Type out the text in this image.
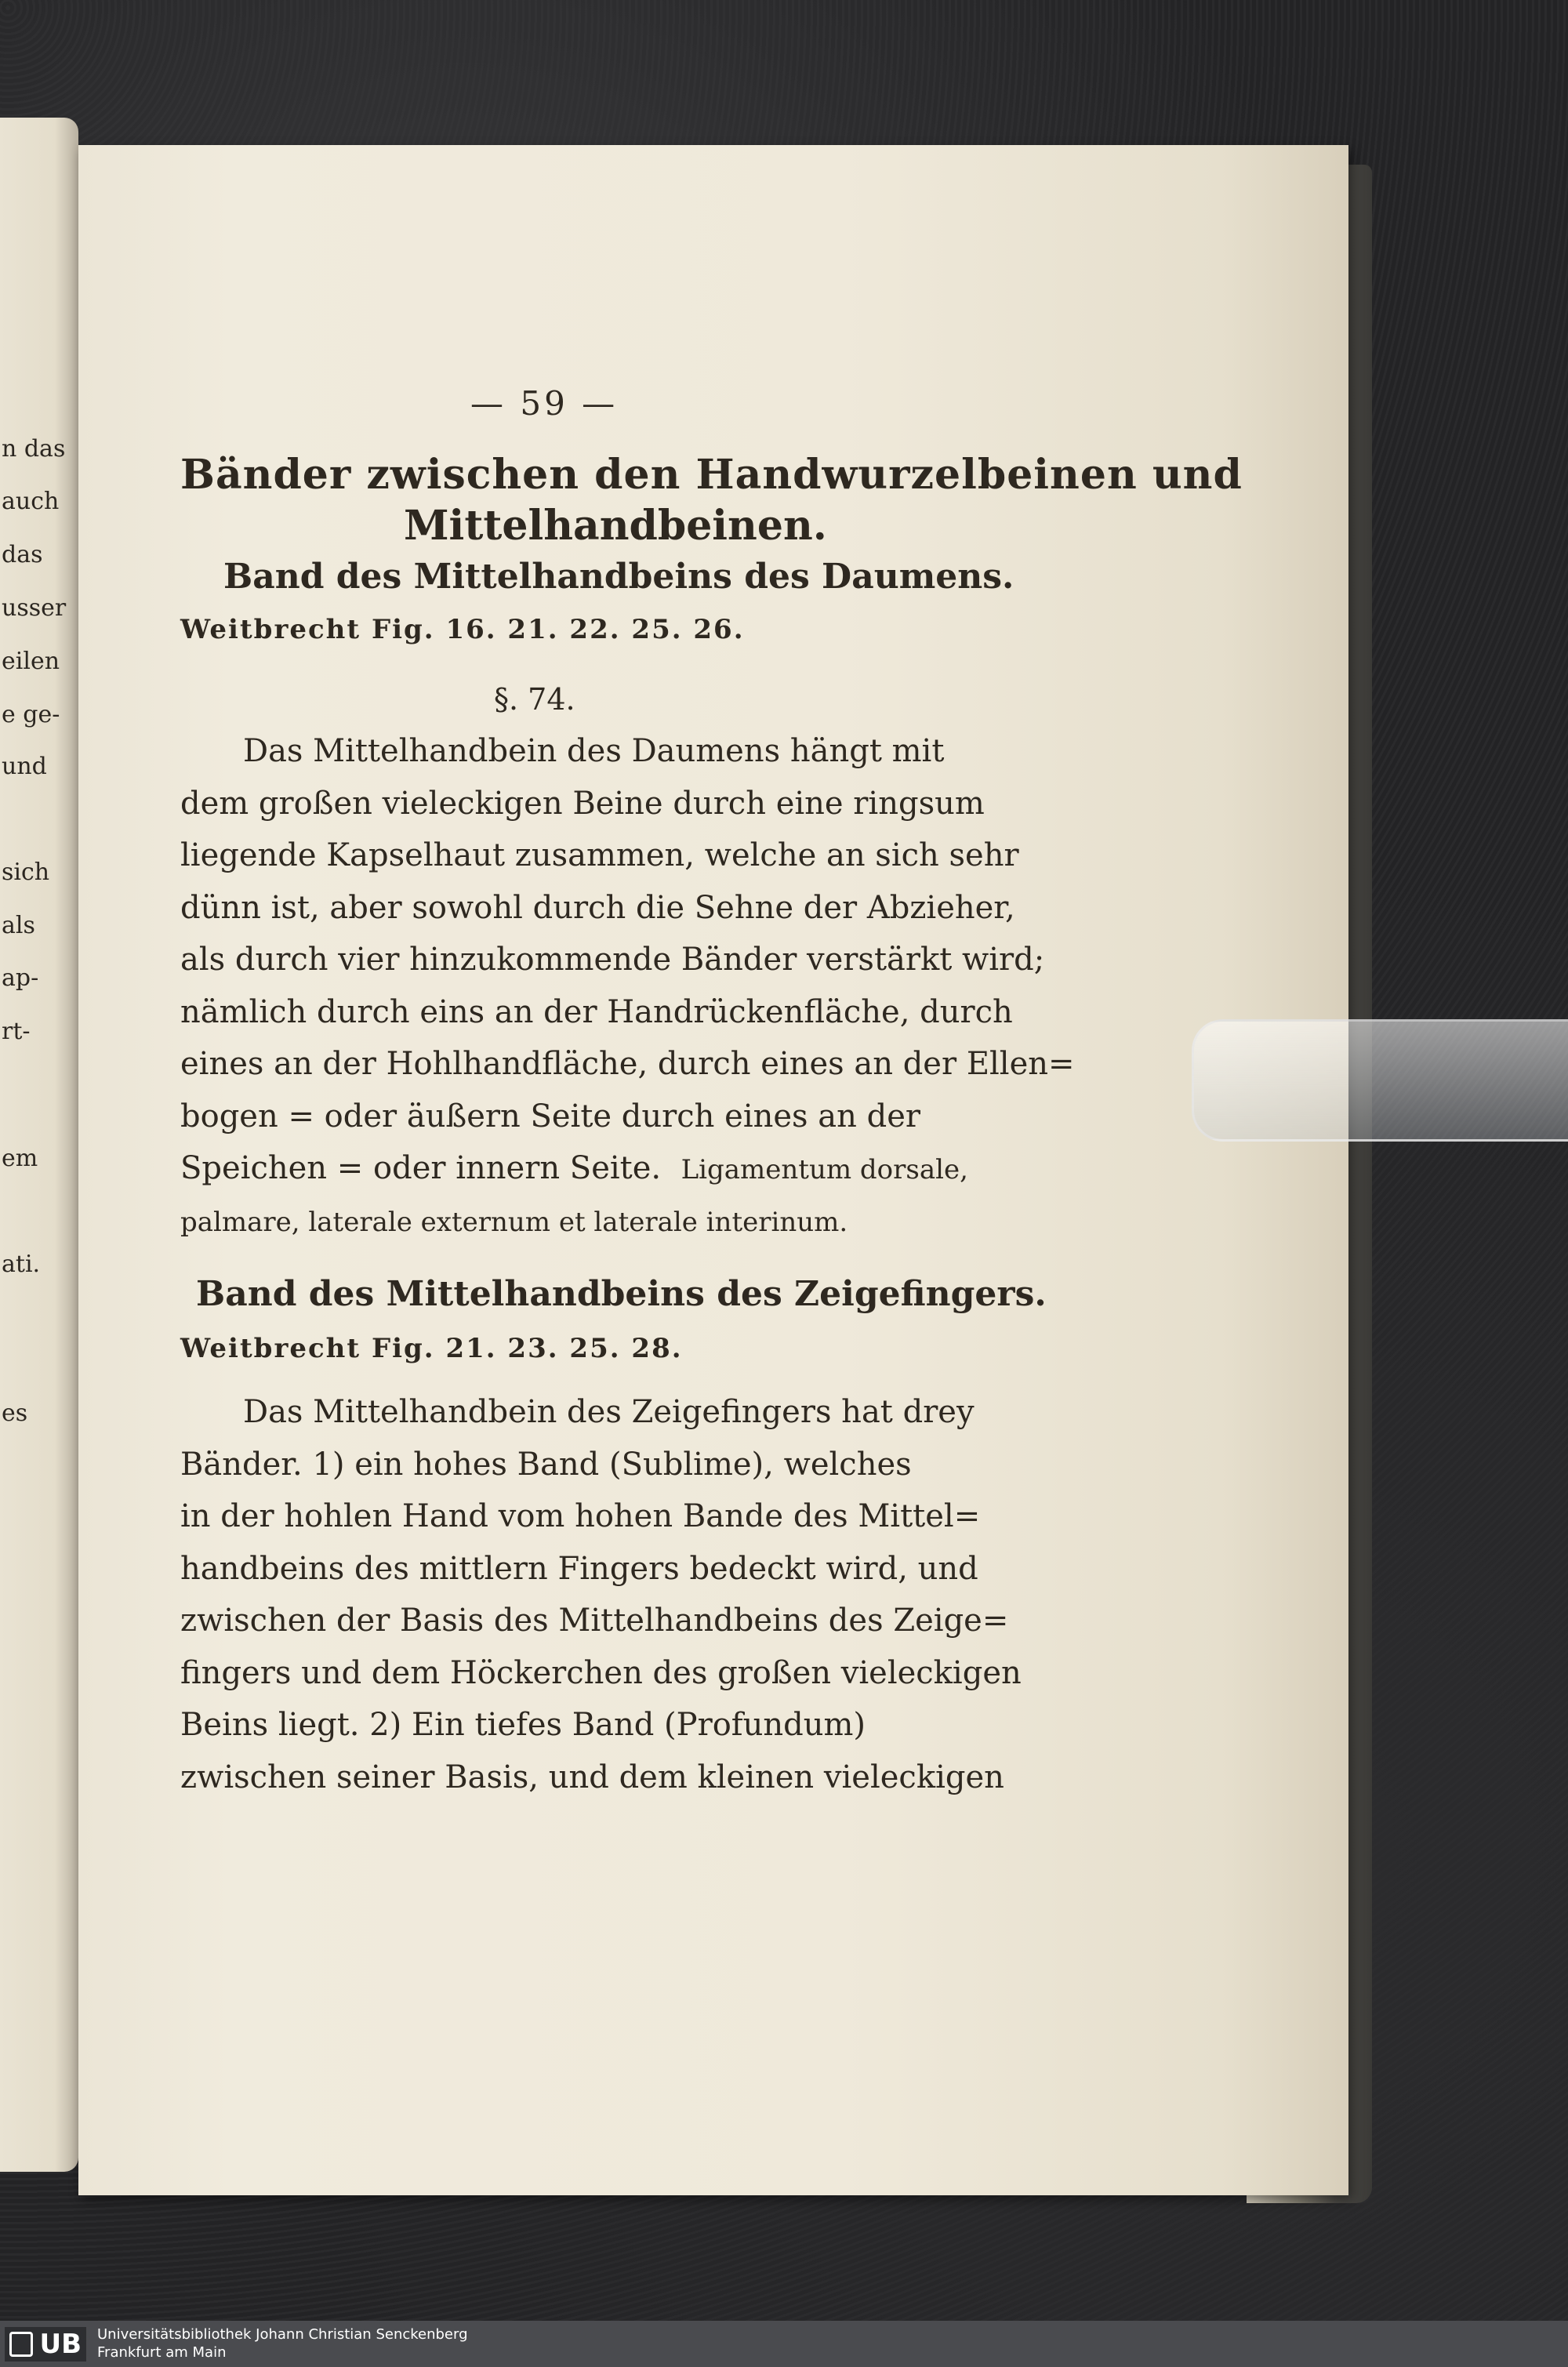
n das
auch
das
usser
eilen
e ge-
und
sich
als
ap-
rt-
em
ati.
es
— 59 —
Bänder zwischen den Handwurzelbeinen und
Mittelhandbeinen.
Band des Mittelhandbeins des Daumens.
Weitbrecht Fig. 16. 21. 22. 25. 26.
§. 74.
Das Mittelhandbein des Daumens hängt mit
dem großen vieleckigen Beine durch eine ringsum
liegende Kapselhaut zusammen, welche an sich sehr
dünn ist, aber sowohl durch die Sehne der Abzieher,
als durch vier hinzukommende Bänder verstärkt wird;
nämlich durch eins an der Handrückenfläche, durch
eines an der Hohlhandfläche, durch eines an der Ellen=
bogen = oder äußern Seite durch eines an der
Speichen = oder innern Seite. Ligamentum dorsale,
palmare, laterale externum et laterale interinum.
Band des Mittelhandbeins des Zeigefingers.
Weitbrecht Fig. 21. 23. 25. 28.
Das Mittelhandbein des Zeigefingers hat drey
Bänder. 1) ein hohes Band (Sublime), welches
in der hohlen Hand vom hohen Bande des Mittel=
handbeins des mittlern Fingers bedeckt wird, und
zwischen der Basis des Mittelhandbeins des Zeige=
fingers und dem Höckerchen des großen vieleckigen
Beins liegt. 2) Ein tiefes Band (Profundum)
zwischen seiner Basis, und dem kleinen vieleckigen
UB	Universitätsbibliothek Johann Christian Senckenberg
Frankfurt am Main
